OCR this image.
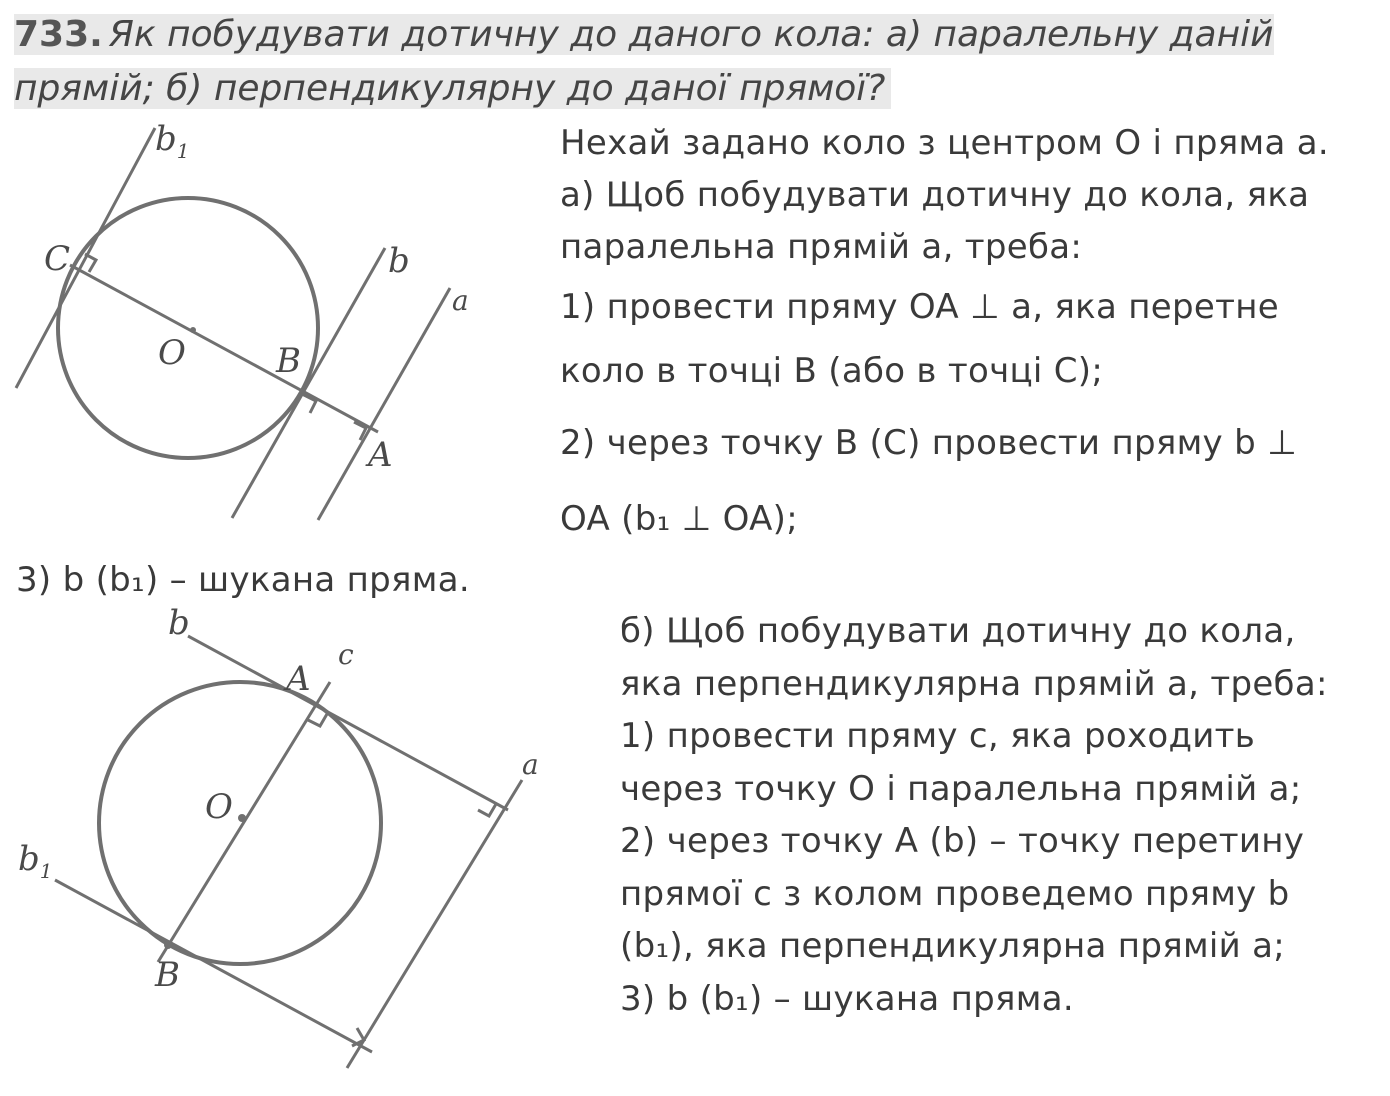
733. Як побудувати дотичну до даного кола: а) паралельну даній прямій; б) перпендикулярну до даної прямої?
$b_1$
C	b
a
O	B
A
b
c
A
a
O
$b_1$
B

Нехай задано коло з центром O і пряма a.

а) Щоб побудувати дотичну до кола, яка

паралельна прямій a, треба:

1) провести пряму OA ⊥ a, яка перетне

коло в точці B (або в точці C);

2) через точку B (C) провести пряму b ⊥

OA (b₁ ⊥ OA);

3) b (b₁) – шукана пряма.

б) Щоб побудувати дотичну до кола,

яка перпендикулярна прямій a, треба:

1) провести пряму c, яка роходить

через точку O і паралельна прямій a;

2) через точку A (b) – точку перетину

прямої c з колом проведемо пряму b

(b₁), яка перпендикулярна прямій a;

3) b (b₁) – шукана пряма.
